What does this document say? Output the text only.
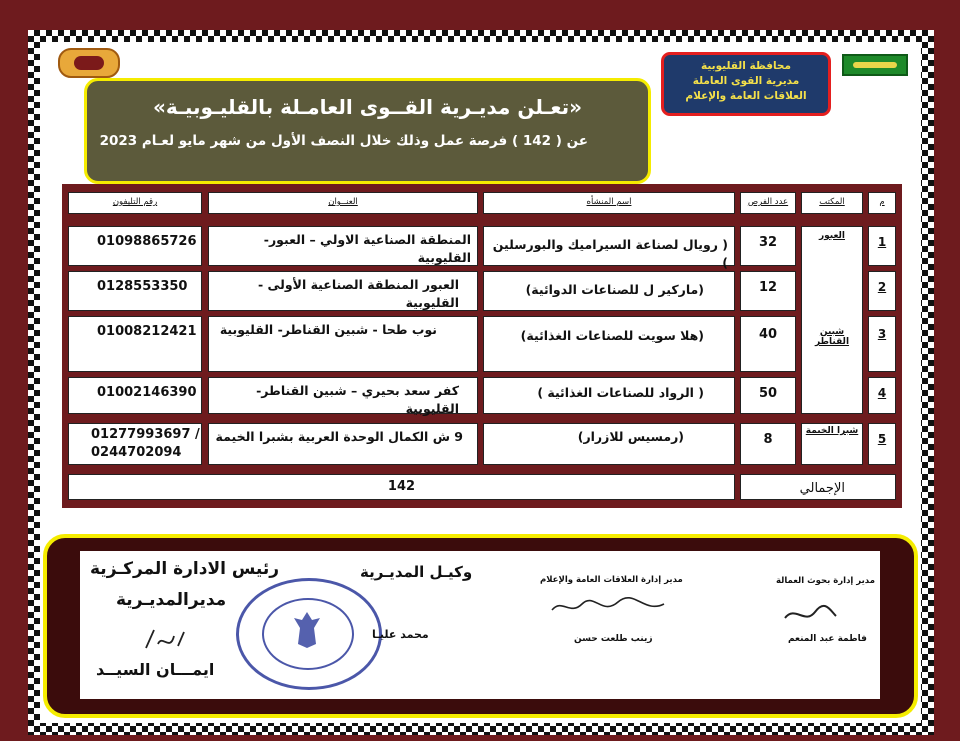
محافظة القليوبية
مديرية القوى العاملة
العلاقات العامة والإعلام
«تعـلن مديـرية القــوى العامـلة بالقليـوبيـة»
عن ( 142 ) فرصة عمل وذلك خلال النصف الأول من شهر مايو لعـام 2023
م
المكتب
عدد الفرص
اسم المنشأه
العنــوان
رقم التليفون
العبور
شبين القناطر
شبرا الخيمة
1
32
( رويال لصناعة السيراميك والبورسلين )
المنطقة الصناعية الاولي – العبور- القليوبية
01098865726
2
12
(ماركير ل للصناعات الدوائية)
العبور المنطقة الصناعية الأولى - القليوبية
0128553350
3
40
(هلا سويت للصناعات الغذائية)
نوب طحا - شبين القناطر- القليوبية
01008212421
4
50
( الرواد للصناعات الغذائية )
كفر سعد بحيري – شبين القناطر- القليوبية
01002146390
5
8
(رمسيس للازرار)
9 ش الكمال الوحدة العربية بشبرا الخيمة
01277993697 /
0244702094
الإجمالي
142
مدير إدارة بحوث العمالة
فاطمة عبد المنعم
مدير إدارة العلاقات العامة والإعلام
زينب طلعت حسن
وكيـل المديـرية
محمد عليـا
رئيس الادارة المركـزية
مديرالمديـرية
ايمـــان السيــد
